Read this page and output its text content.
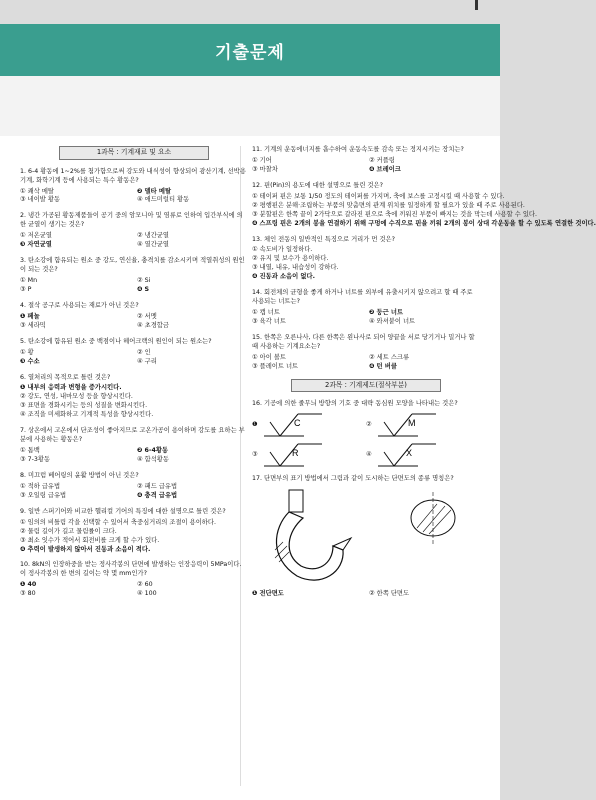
기출문제
1과목 : 기계재료 및 요소
1. 6-4 황동에 1~2%를 첨가함으로써 강도와 내식성이 향상되어 광산기계, 선박용 기계, 화학기계 등에 사용되는 특수 황동은?
① 쾌삭 메탈	❷ 델타 메탈
③ 네이발 황동	④ 애드미럴티 황동
2. 냉간 가공된 황동제품들이 공기 중의 암모니아 및 염류로 인하여 입간부식에 의한 균열이 생기는 것은?
① 저온균열	② 냉간균열
❸ 자연균열	④ 열간균열
3. 탄소강에 함유되는 원소 중 강도, 연신율, 충격치를 감소시키며 적열취성의 원인이 되는 것은?
① Mn	② Si
③ P	❹ S
4. 절삭 공구로 사용되는 재료가 아닌 것은?
❶ 페놀	② 서멧
③ 세라믹	④ 초경합금
5. 탄소강에 함유된 원소 중 백점이나 헤어크랙의 원인이 되는 원소는?
① 황	② 인
❸ 수소	④ 구리
6. 열처리의 목적으로 틀린 것은?
❶ 내부의 응력과 변형을 증가시킨다.
② 강도, 연성, 내마모성 등을 향상시킨다.
③ 표면을 경화시키는 등의 성질을 변화시킨다.
④ 조직을 미세화하고 기계적 특성을 향상시킨다.
7. 상온에서 고온에서 단조성이 좋아지므로 고온가공이 용이하며 강도를 요하는 부분에 사용하는 황동은?
① 톰백	❷ 6-4황동
③ 7-3황동	④ 함석황동
8. 미끄럼 베어링의 윤활 방법이 아닌 것은?
① 적하 급유법	② 패드 급유법
③ 오일링 급유법	❹ 충격 급유법
9. 일반 스퍼기어와 비교한 헬리컬 기어의 특징에 대한 설명으로 틀린 것은?
① 임의의 비틀림 각을 선택할 수 있어서 축중심거리의 조절이 용이하다.
② 물림 길이가 길고 물림률이 크다.
③ 최소 잇수가 적어서 회전비를 크게 할 수가 있다.
❹ 추력이 발생하지 않아서 진동과 소음이 적다.
10. 8kN의 인장하중을 받는 정사각봉의 단면에 발생하는 인장응력이 5MPa이다. 이 정사각봉의 한 변의 길이는 약 몇 mm인가?
❶ 40	② 60
③ 80	④ 100
11. 기계의 운동에너지를 흡수하여 운동속도를 감속 또는 정지시키는 장치는?
① 기어	② 커플링
③ 마찰차	❹ 브레이크
12. 핀(Pin)의 용도에 대한 설명으로 틀린 것은?
① 테이퍼 핀은 보통 1/50 정도의 테이퍼를 가지며, 축에 보스를 고정시킬 때 사용할 수 있다.
② 평행핀은 분해·조립하는 부품의 맞춤면의 관계 위치를 일정하게 할 필요가 있을 때 주로 사용된다.
③ 분할핀은 한쪽 끝이 2가닥으로 갈라진 핀으로 축에 끼워진 부품이 빠지는 것을 막는데 사용할 수 있다.
❹ 스프링 핀은 2개의 봉을 연결하기 위해 구멍에 수직으로 핀을 끼워 2개의 봉이 상대 각운동을 할 수 있도록 연결한 것이다.
13. 체인 전동의 일반적인 특징으로 거리가 먼 것은?
① 속도비가 일정하다.
② 유지 및 보수가 용이하다.
③ 내열, 내유, 내습성이 강하다.
❹ 진동과 소음이 없다.
14. 회전체의 균형을 좋게 하거나 너트를 외부에 유출시키지 않으려고 할 때 주로 사용되는 너트는?
① 캡 너트	❷ 둥근 너트
③ 육각 너트	④ 와셔붙이 너트
15. 한쪽은 오른나사, 다른 한쪽은 왼나사로 되어 양끝을 서로 당기거나 밀거나 할 때 사용하는 기계요소는?
① 아이 볼트	② 세트 스크류
③ 플레이트 너트	❹ 턴 버클
2과목 : 기계제도(절삭부분)
16. 기공에 의한 줄무늬 방향의 기호 중 대략 동심원 모양을 나타내는 것은?
❶	C	②	M
③	R	④	X
17. 단면부의 표기 방법에서 그림과 같이 도시하는 단면도의 종류 명칭은?
❶ 전단면도	② 한쪽 단면도
